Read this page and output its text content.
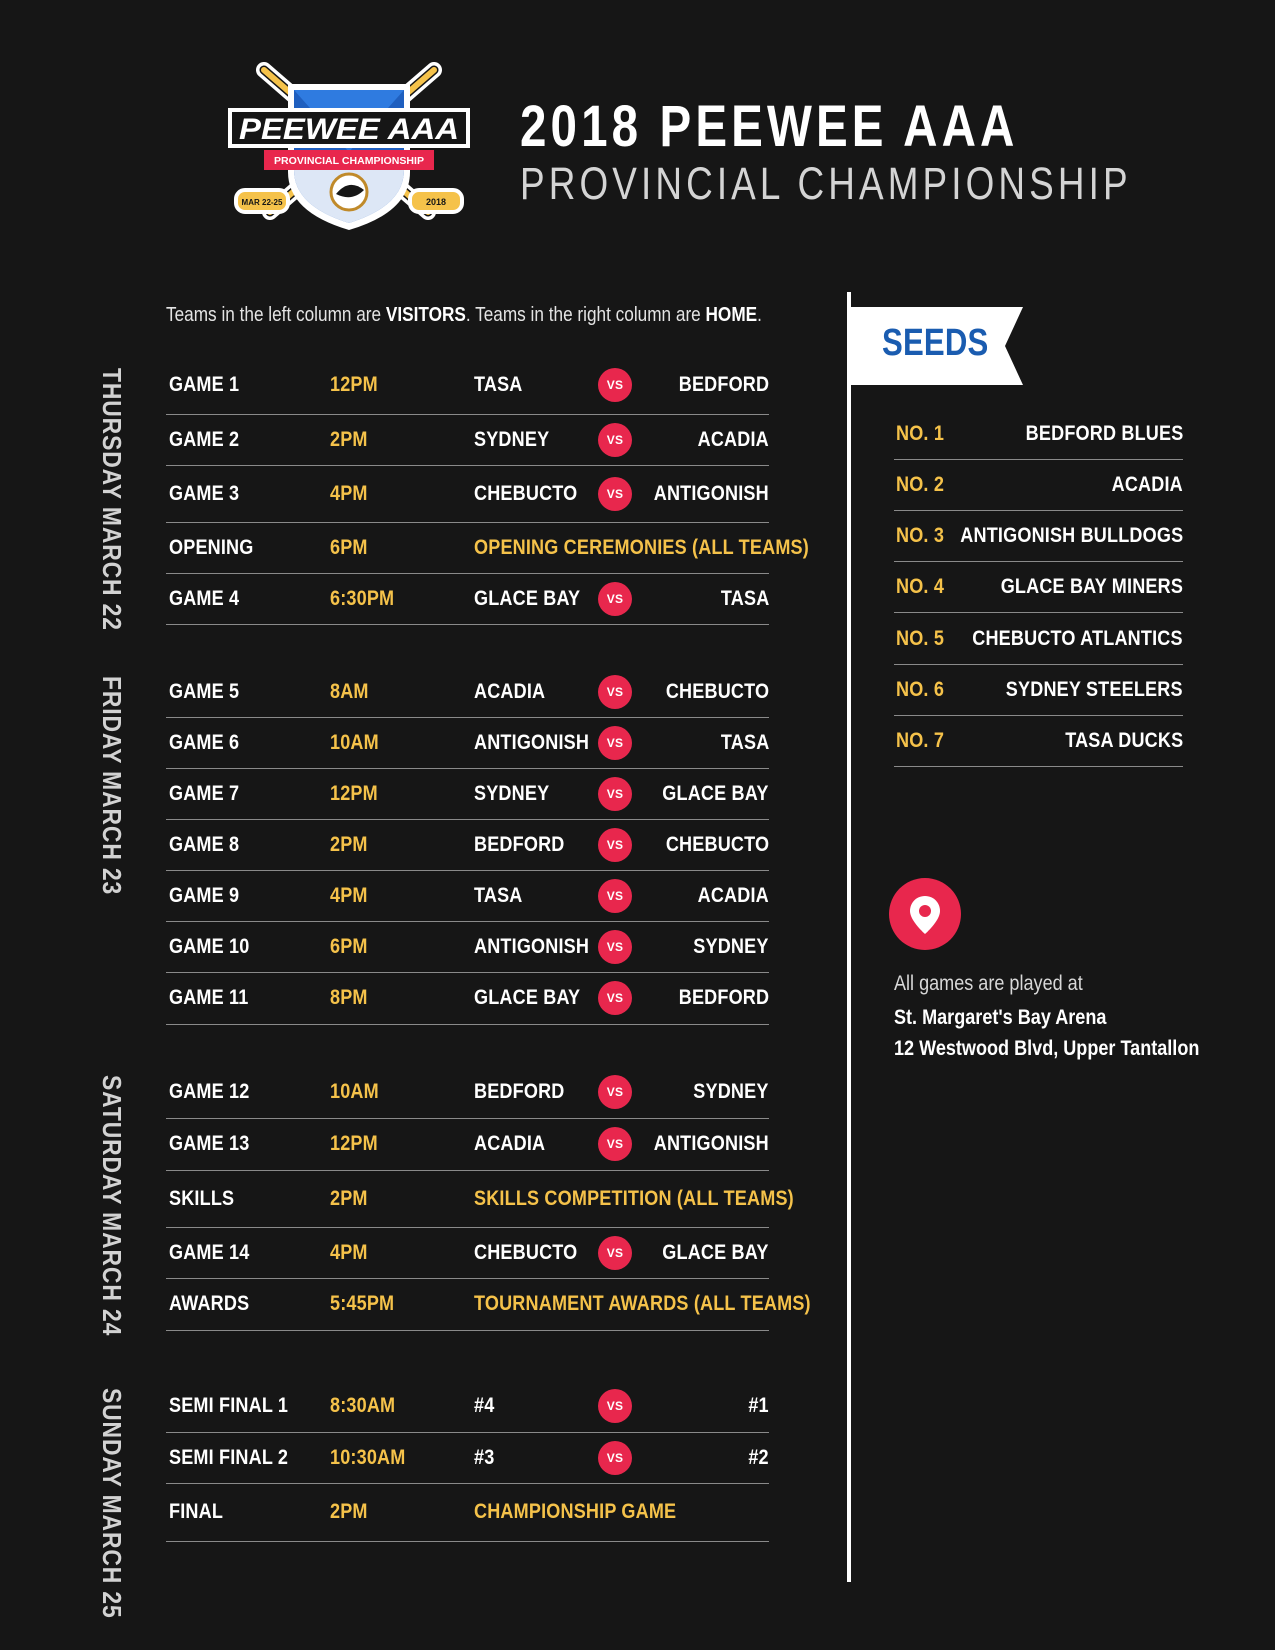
PEEWEE AAA
PROVINCIAL CHAMPIONSHIP
MAR 22-25	2018
2018 PEEWEE AAA
PROVINCIAL CHAMPIONSHIP
Teams in the left column are VISITORS. Teams in the right column are HOME.
THURSDAY MARCH 22 GAME 1	12PM	TASA	VS	BEDFORD
GAME 2	2PM	SYDNEY	VS	ACADIA
GAME 3	4PM	CHEBUCTO	VS	ANTIGONISH
OPENING	6PM	OPENING CEREMONIES (ALL TEAMS)
GAME 4	6:30PM	GLACE BAY	VS	TASA
FRIDAY MARCH 23 GAME 5	8AM	ACADIA	VS	CHEBUCTO
GAME 6	10AM	ANTIGONISH	VS	TASA
GAME 7	12PM	SYDNEY	VS	GLACE BAY
GAME 8	2PM	BEDFORD	VS	CHEBUCTO
GAME 9	4PM	TASA	VS	ACADIA
GAME 10	6PM	ANTIGONISH	VS	SYDNEY
GAME 11	8PM	GLACE BAY	VS	BEDFORD
SATURDAY MARCH 24 GAME 12	10AM	BEDFORD	VS	SYDNEY
GAME 13	12PM	ACADIA	VS	ANTIGONISH
SKILLS	2PM	SKILLS COMPETITION (ALL TEAMS)
GAME 14	4PM	CHEBUCTO	VS	GLACE BAY
AWARDS	5:45PM	TOURNAMENT AWARDS (ALL TEAMS)
SUNDAY MARCH 25 SEMI FINAL 1	8:30AM	#4	VS	#1
SEMI FINAL 2	10:30AM	#3	VS	#2
FINAL	2PM	CHAMPIONSHIP GAME
SEEDS
NO. 1	BEDFORD BLUES
NO. 2	ACADIA
NO. 3 ANTIGONISH BULLDOGS
NO. 4	GLACE BAY MINERS
NO. 5	CHEBUCTO ATLANTICS
NO. 6	SYDNEY STEELERS
NO. 7	TASA DUCKS
All games are played at
St. Margaret's Bay Arena
12 Westwood Blvd, Upper Tantallon
